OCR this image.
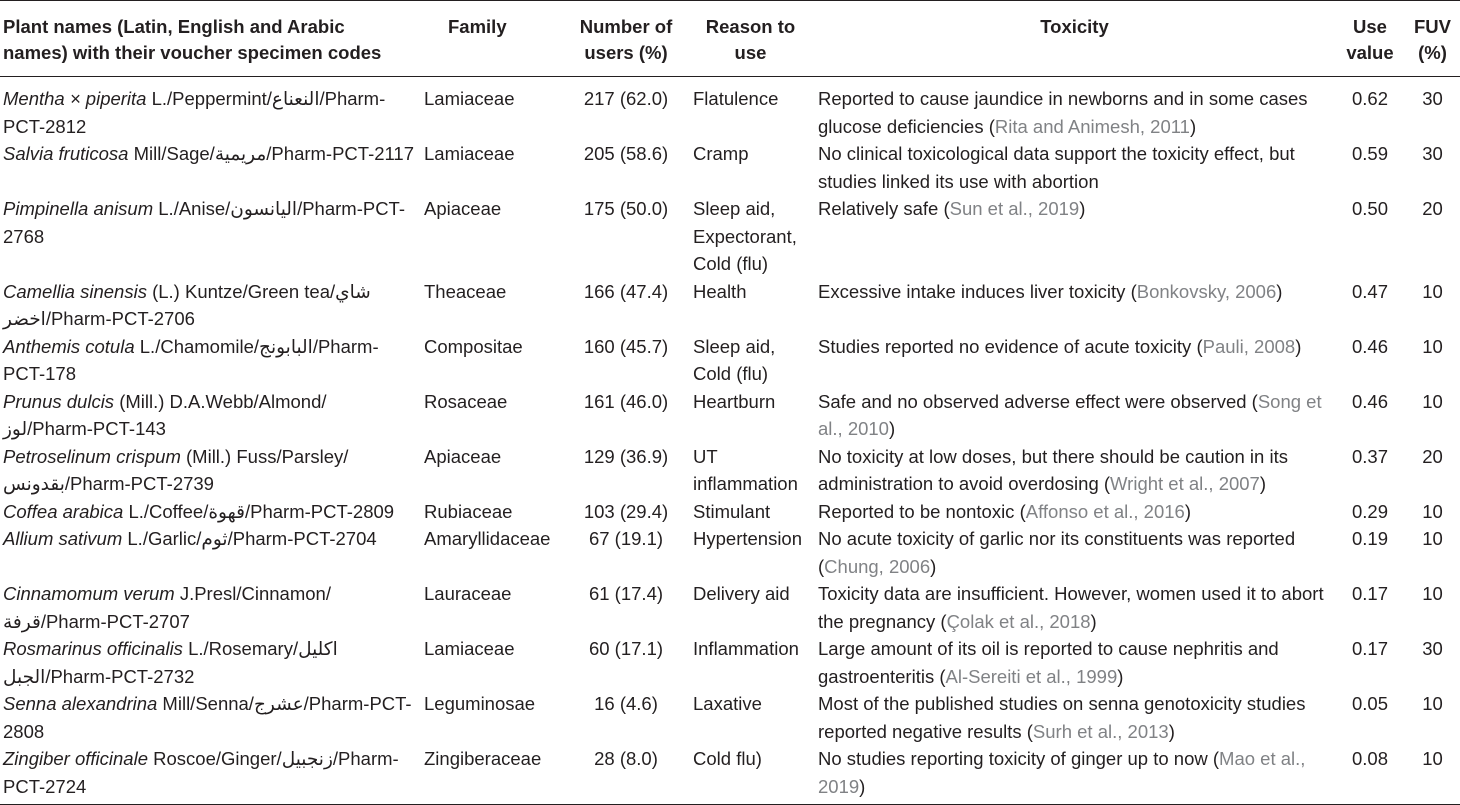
Plant names (Latin, English and Arabic names) with their voucher specimen codes	Family	Number of users (%)	Reason to use	Toxicity	Use value	FUV (%)
Mentha × piperita L./Peppermint/النعناع/Pharm-PCT-2812	Lamiaceae	217 (62.0)	Flatulence	Reported to cause jaundice in newborns and in some cases glucose deficiencies (Rita and Animesh, 2011)	0.62	30
Salvia fruticosa Mill/Sage/مريمية/Pharm-PCT-2117	Lamiaceae	205 (58.6)	Cramp	No clinical toxicological data support the toxicity effect, but studies linked its use with abortion	0.59	30
Pimpinella anisum L./Anise/اليانسون/Pharm-PCT-2768	Apiaceae	175 (50.0)	Sleep aid, Expectorant, Cold (flu)	Relatively safe (Sun et al., 2019)	0.50	20
Camellia sinensis (L.) Kuntze/Green tea/شاي اخضر/Pharm-PCT-2706	Theaceae	166 (47.4)	Health	Excessive intake induces liver toxicity (Bonkovsky, 2006)	0.47	10
Anthemis cotula L./Chamomile/البابونج/Pharm-PCT-178	Compositae	160 (45.7)	Sleep aid, Cold (flu)	Studies reported no evidence of acute toxicity (Pauli, 2008)	0.46	10
Prunus dulcis (Mill.) D.A.Webb/Almond/لوز/Pharm-PCT-143	Rosaceae	161 (46.0)	Heartburn	Safe and no observed adverse effect were observed (Song et al., 2010)	0.46	10
Petroselinum crispum (Mill.) Fuss/Parsley/بقدونس/Pharm-PCT-2739	Apiaceae	129 (36.9)	UT inflammation	No toxicity at low doses, but there should be caution in its administration to avoid overdosing (Wright et al., 2007)	0.37	20
Coffea arabica L./Coffee/قهوة/Pharm-PCT-2809	Rubiaceae	103 (29.4)	Stimulant	Reported to be nontoxic (Affonso et al., 2016)	0.29	10
Allium sativum L./Garlic/ثوم/Pharm-PCT-2704	Amaryllidaceae	67 (19.1)	Hypertension	No acute toxicity of garlic nor its constituents was reported (Chung, 2006)	0.19	10
Cinnamomum verum J.Presl/Cinnamon/قرفة/Pharm-PCT-2707	Lauraceae	61 (17.4)	Delivery aid	Toxicity data are insufficient. However, women used it to abort the pregnancy (Çolak et al., 2018)	0.17	10
Rosmarinus officinalis L./Rosemary/اكليل الجبل/Pharm-PCT-2732	Lamiaceae	60 (17.1)	Inflammation	Large amount of its oil is reported to cause nephritis and gastroenteritis (Al-Sereiti et al., 1999)	0.17	30
Senna alexandrina Mill/Senna/عشرج/Pharm-PCT-2808	Leguminosae	16 (4.6)	Laxative	Most of the published studies on senna genotoxicity studies reported negative results (Surh et al., 2013)	0.05	10
Zingiber officinale Roscoe/Ginger/زنجبيل/Pharm-PCT-2724	Zingiberaceae	28 (8.0)	Cold flu)	No studies reporting toxicity of ginger up to now (Mao et al., 2019)	0.08	10
